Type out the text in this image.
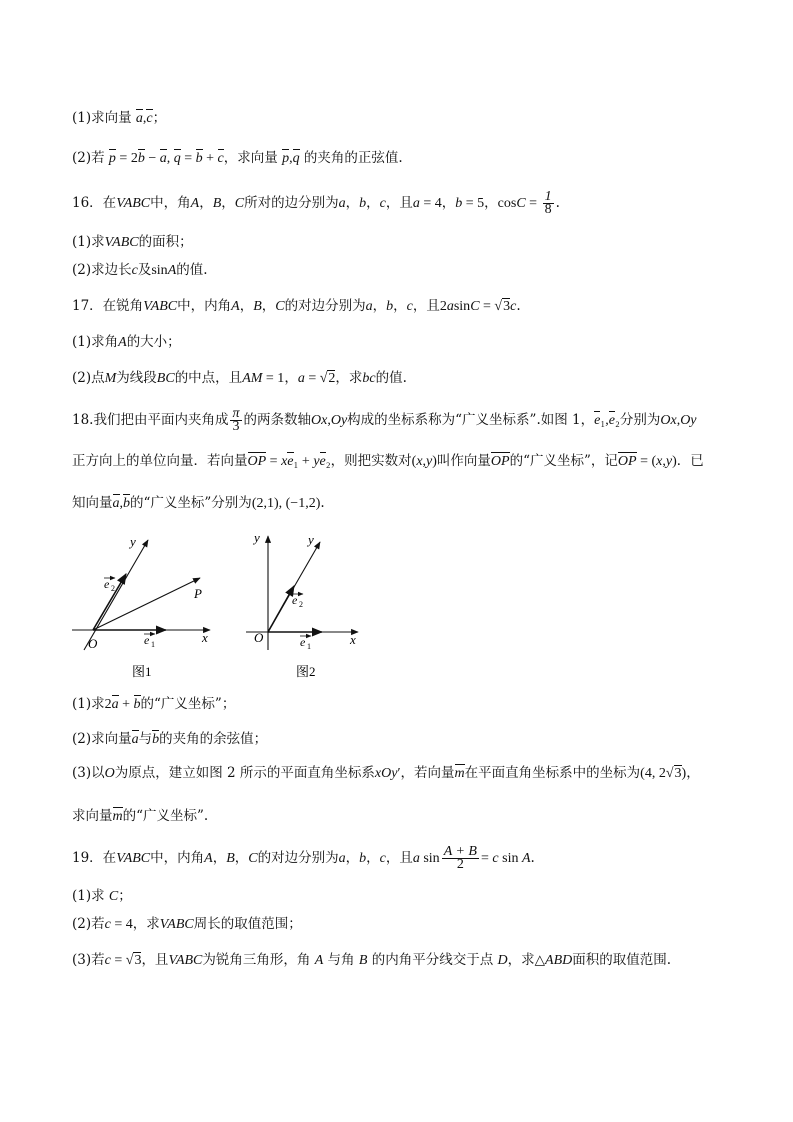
(1)求向量 a,c；
(2)若 p = 2b − a, q = b + c，求向量 p,q 的夹角的正弦值.
16．在VABC中，角A，B，C所对的边分别为a，b，c，且a = 4，b = 5，$\cos C = \frac{1}{8}$ .
(1)求VABC的面积；
(2)求边长c及sinA的值.
17．在锐角VABC中，内角A，B，C的对边分别为a，b，c，且2asinC = √3c.
(1)求角A的大小；
(2)点M为线段BC的中点，且AM = 1，a = √2，求bc的值.
18.我们把由平面内夹角成 $\frac{\pi}{3}$ 的两条数轴Ox,Oy构成的坐标系称为“广义坐标系”.如图 1，e₁,e₂分别为Ox,Oy
正方向上的单位向量．若向量OP = xe₁ + ye₂，则把实数对(x,y)叫作向量OP的“广义坐标”，记OP = (x,y)．已
知向量a,b的“广义坐标”分别为(2,1), (−1,2).
(1)求2a + b的“广义坐标”；
(2)求向量a与b的夹角的余弦值；
(3)以O为原点，建立如图 2 所示的平面直角坐标系xOy′，若向量m在平面直角坐标系中的坐标为(4, 2√3)，
求向量m的“广义坐标”.
19．在VABC中，内角A，B，C的对边分别为a，b，c，且a $\sin \frac{A + B}{2} = c$ sin A.
(1)求 C；
(2)若c = 4，求VABC周长的取值范围；
(3)若c = √3，且VABC为锐角三角形，角 A 与角 B 的内角平分线交于点 D，求△ABD面积的取值范围.
O	x
y
P
e 1
e 2
图1
O	x
y	y
e 1
e 2
图2
